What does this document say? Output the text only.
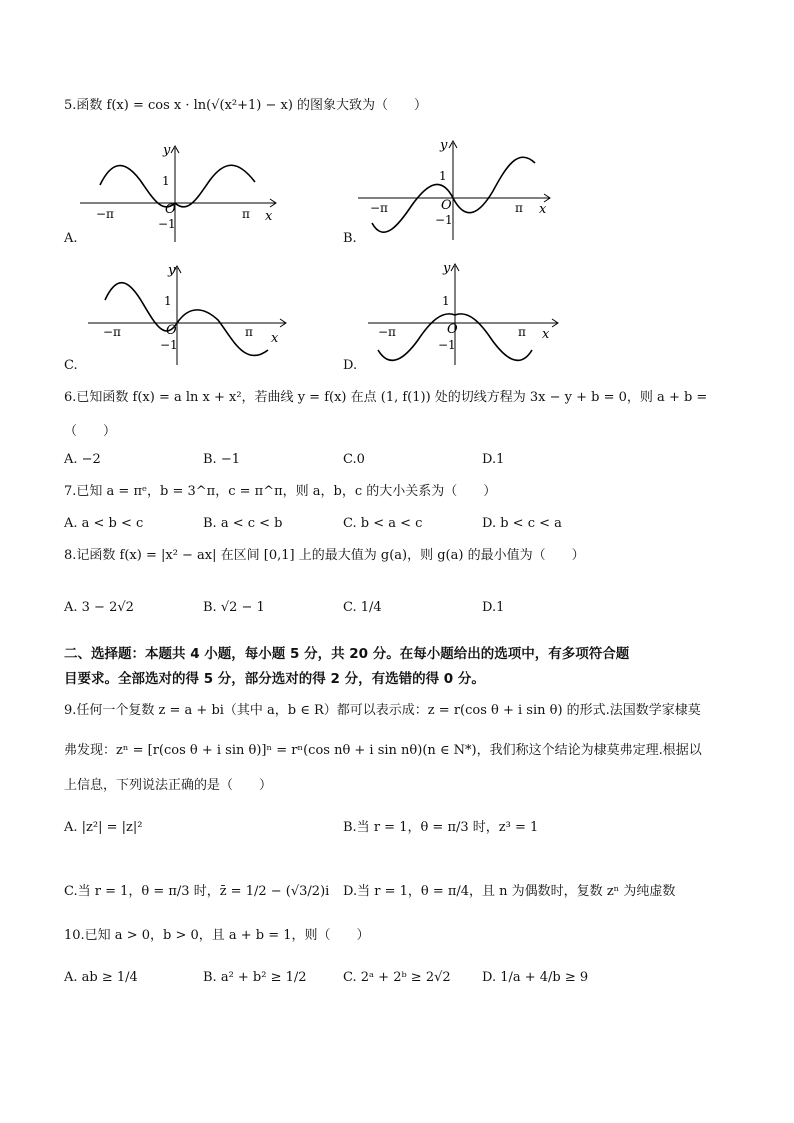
5.函数 f(x) = cos x · ln(√(x²+1) − x) 的图象大致为（　　）
y
x
1
−1
−π	π
O
A.
y
x
1
−1
−π	π
O
B.
y
x
1
−1
−π	π
O
C.
y
x
1
−1
−π	π
O
D.
6.已知函数 f(x) = a ln x + x²，若曲线 y = f(x) 在点 (1, f(1)) 处的切线方程为 3x − y + b = 0，则 a + b =
（　　）
A. −2	B. −1	C.0	D.1
7.已知 a = πᵉ，b = 3^π，c = π^π，则 a，b，c 的大小关系为（　　）
A. a < b < c	B. a < c < b	C. b < a < c	D. b < c < a
8.记函数 f(x) = |x² − ax| 在区间 [0,1] 上的最大值为 g(a)，则 g(a) 的最小值为（　　）
A. 3 − 2√2	B. √2 − 1	C. 1/4	D.1
二、选择题：本题共 4 小题，每小题 5 分，共 20 分。在每小题给出的选项中，有多项符合题
目要求。全部选对的得 5 分，部分选对的得 2 分，有选错的得 0 分。
9.任何一个复数 z = a + bi（其中 a，b ∈ R）都可以表示成：z = r(cos θ + i sin θ) 的形式.法国数学家棣莫
弗发现：zⁿ = [r(cos θ + i sin θ)]ⁿ = rⁿ(cos nθ + i sin nθ)(n ∈ N*)，我们称这个结论为棣莫弗定理.根据以
上信息，下列说法正确的是（　　）
A. |z²| = |z|²	B.当 r = 1，θ = π/3 时，z³ = 1
C.当 r = 1，θ = π/3 时，z̄ = 1/2 − (√3/2)i D.当 r = 1，θ = π/4，且 n 为偶数时，复数 zⁿ 为纯虚数
10.已知 a > 0，b > 0，且 a + b = 1，则（　　）
A. ab ≥ 1/4	B. a² + b² ≥ 1/2	C. 2ᵃ + 2ᵇ ≥ 2√2 D. 1/a + 4/b ≥ 9
